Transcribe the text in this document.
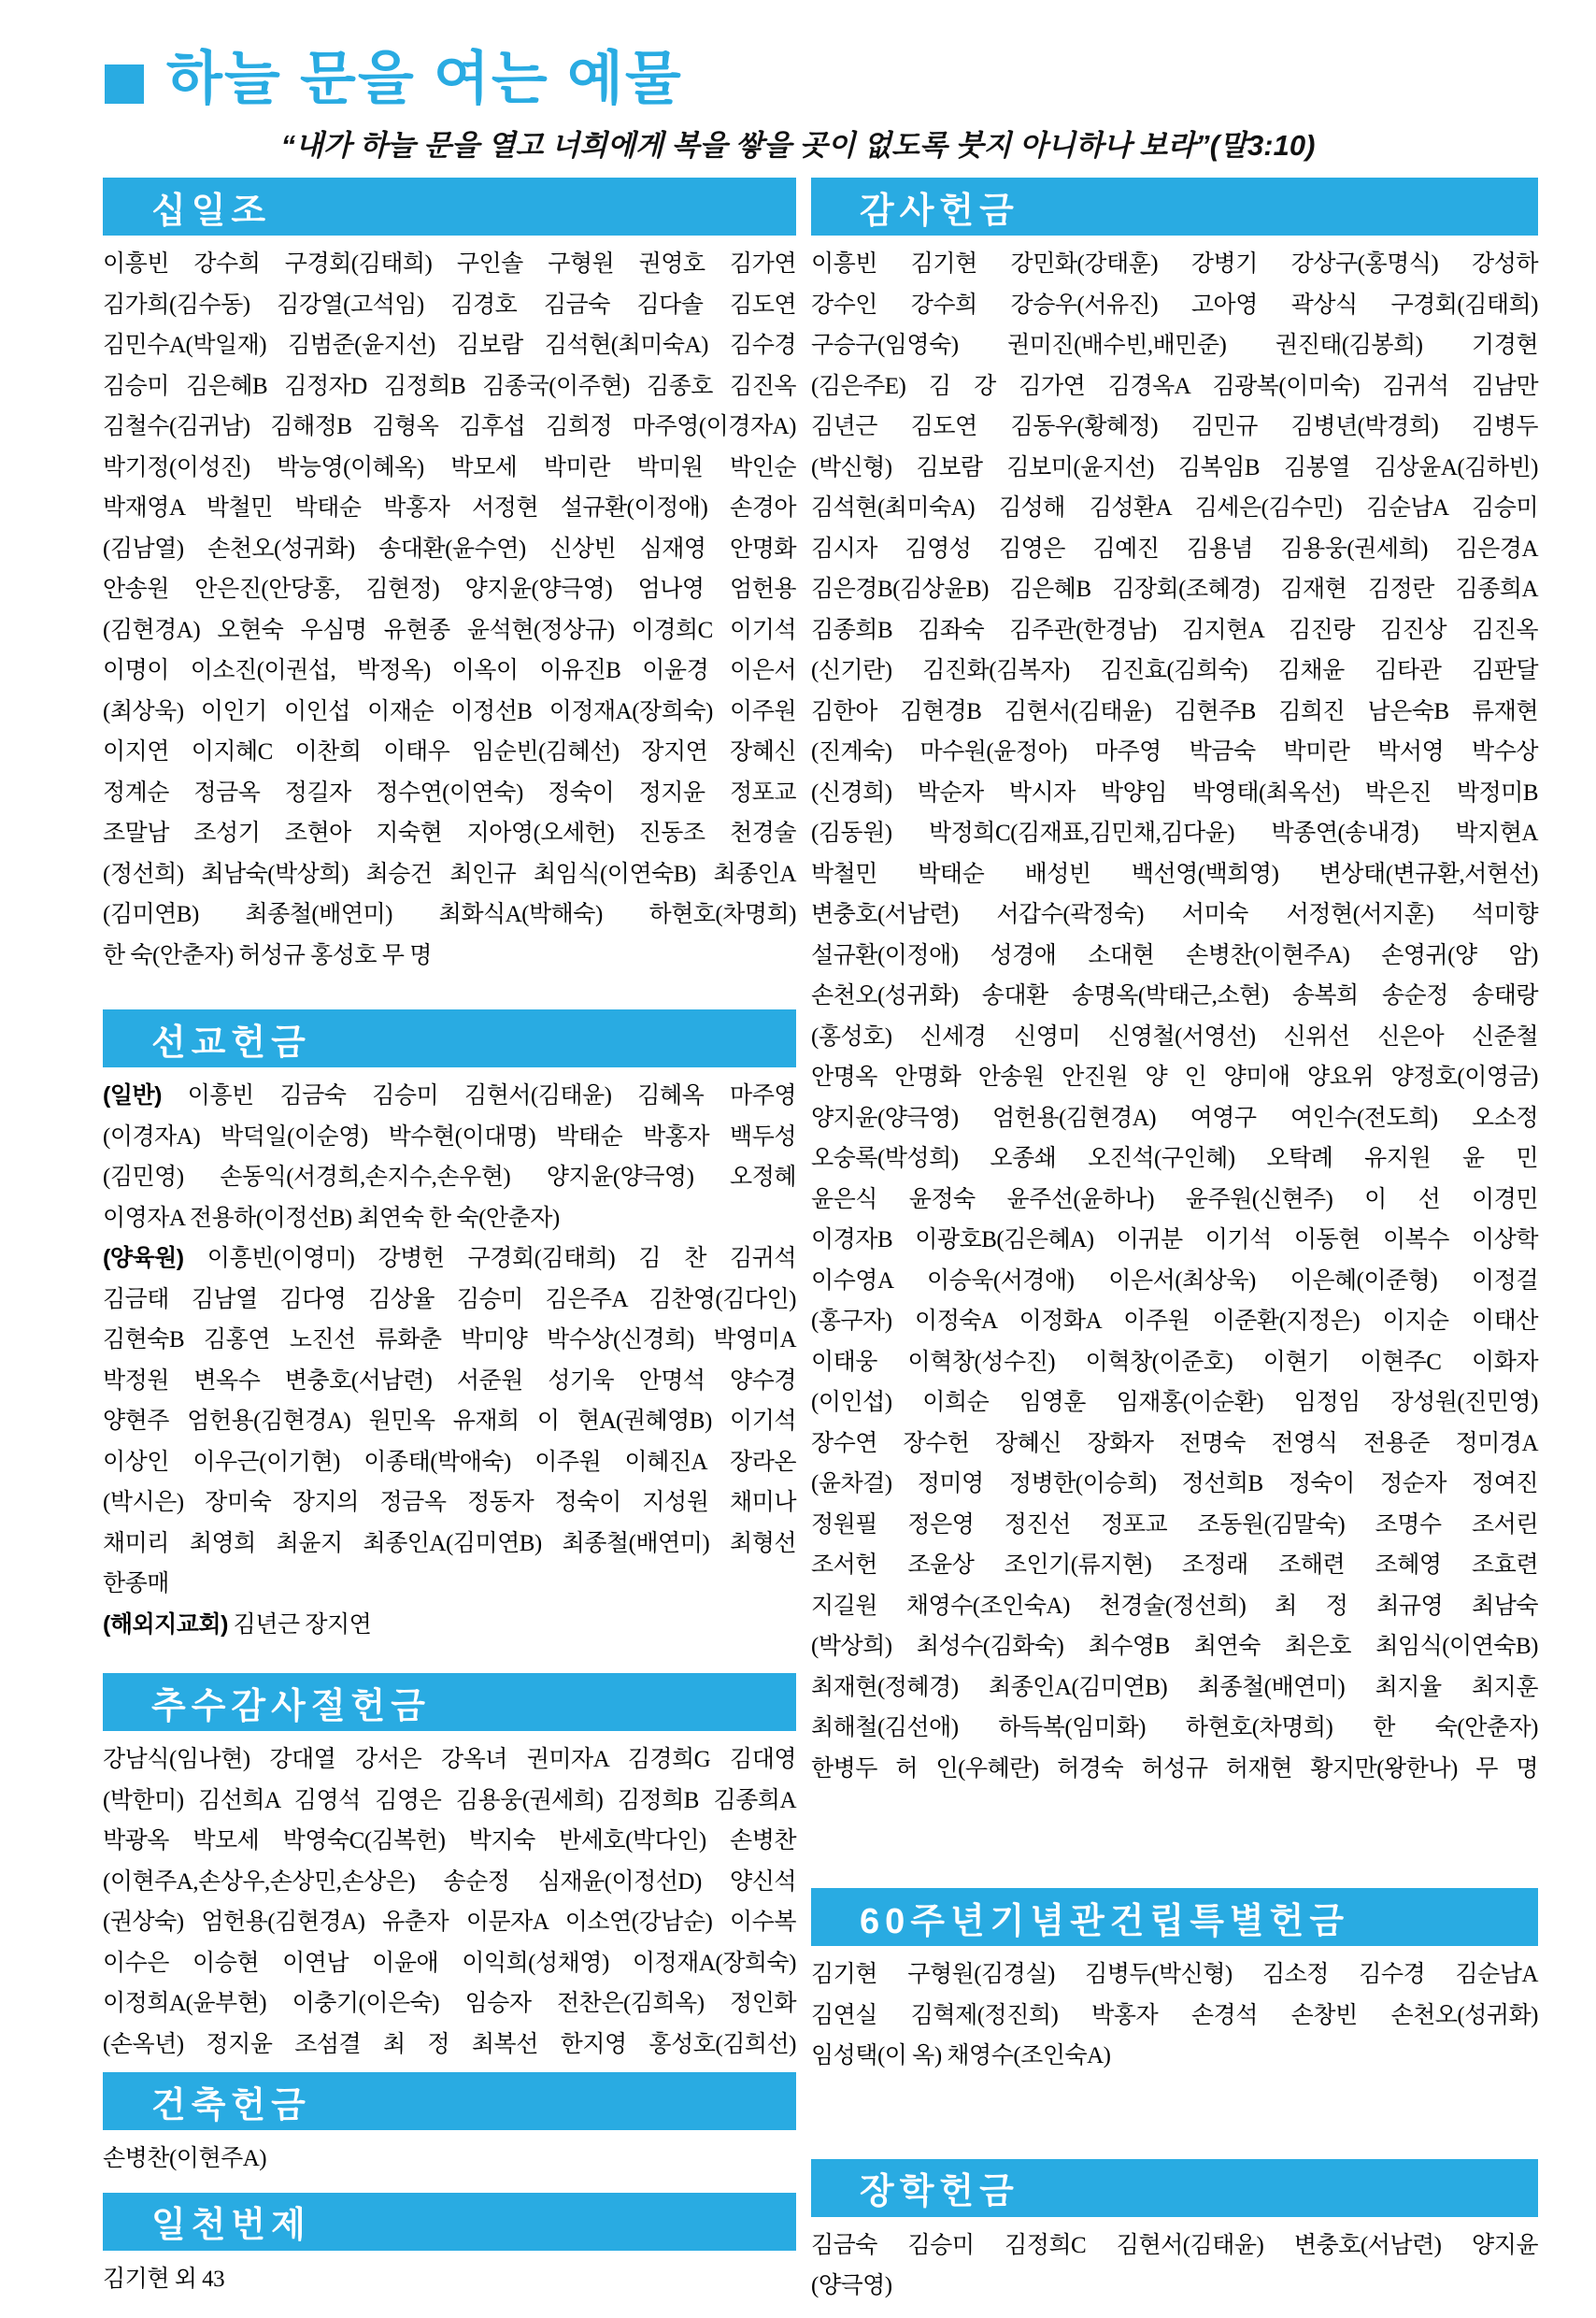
하늘 문을 여는 예물
“내가 하늘 문을 열고 너희에게 복을 쌓을 곳이 없도록 붓지 아니하나 보라”(말3:10)
십일조
이흥빈 강수희 구경회(김태희) 구인솔 구형원 권영호 김가연
김가희(김수동) 김강열(고석임) 김경호 김금숙 김다솔 김도연
김민수A(박일재) 김범준(윤지선) 김보람 김석현(최미숙A) 김수경
김승미 김은혜B 김정자D 김정희B 김종국(이주현) 김종호 김진옥
김철수(김귀남) 김해정B 김형옥 김후섭 김희정 마주영(이경자A)
박기정(이성진) 박능영(이혜옥) 박모세 박미란 박미원 박인순
박재영A 박철민 박태순 박홍자 서정현 설규환(이정애) 손경아
(김남열) 손천오(성귀화) 송대환(윤수연) 신상빈 심재영 안명화
안송원 안은진(안당홍, 김현정) 양지윤(양극영) 엄나영 엄헌용
(김현경A) 오현숙 우심명 유현종 윤석현(정상규) 이경희C 이기석
이명이 이소진(이권섭, 박정옥) 이옥이 이유진B 이윤경 이은서
(최상욱) 이인기 이인섭 이재순 이정선B 이정재A(장희숙) 이주원
이지연 이지혜C 이찬희 이태우 임순빈(김혜선) 장지연 장혜신
정계순 정금옥 정길자 정수연(이연숙) 정숙이 정지윤 정포교
조말남 조성기 조현아 지숙현 지아영(오세헌) 진동조 천경술
(정선희) 최남숙(박상희) 최승건 최인규 최임식(이연숙B) 최종인A
(김미연B) 최종철(배연미) 최화식A(박해숙) 하현호(차명희)
한 숙(안춘자) 허성규 홍성호 무 명
선교헌금
(일반) 이흥빈 김금숙 김승미 김현서(김태윤) 김혜옥 마주영
(이경자A) 박덕일(이순영) 박수현(이대명) 박태순 박홍자 백두성
(김민영) 손동익(서경희,손지수,손우현) 양지윤(양극영) 오정혜
이영자A 전용하(이정선B) 최연숙 한 숙(안춘자)
(양육원) 이흥빈(이영미) 강병헌 구경회(김태희) 김 찬 김귀석
김금태 김남열 김다영 김상율 김승미 김은주A 김찬영(김다인)
김현숙B 김홍연 노진선 류화춘 박미양 박수상(신경희) 박영미A
박정원 변옥수 변충호(서남련) 서준원 성기욱 안명석 양수경
양현주 엄헌용(김현경A) 원민옥 유재희 이 현A(권혜영B) 이기석
이상인 이우근(이기현) 이종태(박애숙) 이주원 이혜진A 장라온
(박시은) 장미숙 장지의 정금옥 정동자 정숙이 지성원 채미나
채미리 최영희 최윤지 최종인A(김미연B) 최종철(배연미) 최형선
한종매
(해외지교회) 김년근 장지연
추수감사절헌금
강남식(임나현) 강대열 강서은 강옥녀 권미자A 김경희G 김대영
(박한미) 김선희A 김영석 김영은 김용웅(권세희) 김정희B 김종희A
박광옥 박모세 박영숙C(김복헌) 박지숙 반세호(박다인) 손병찬
(이현주A,손상우,손상민,손상은) 송순정 심재윤(이정선D) 양신석
(권상숙) 엄헌용(김현경A) 유춘자 이문자A 이소연(강남순) 이수복
이수은 이승현 이연남 이윤애 이익희(성채영) 이정재A(장희숙)
이정희A(윤부현) 이충기(이은숙) 임승자 전찬은(김희옥) 정인화
(손옥년) 정지윤 조섬결 최 정 최복선 한지영 홍성호(김희선)
건축헌금
손병찬(이현주A)
일천번제
김기현 외 43
감사헌금
이흥빈 김기현 강민화(강태훈) 강병기 강상구(홍명식) 강성하
강수인 강수희 강승우(서유진) 고아영 곽상식 구경회(김태희)
구승구(임영숙) 권미진(배수빈,배민준) 권진태(김봉희) 기경현
(김은주E) 김 강 김가연 김경옥A 김광복(이미숙) 김귀석 김남만
김년근 김도연 김동우(황혜정) 김민규 김병년(박경희) 김병두
(박신형) 김보람 김보미(윤지선) 김복임B 김봉열 김상윤A(김하빈)
김석현(최미숙A) 김성해 김성환A 김세은(김수민) 김순남A 김승미
김시자 김영성 김영은 김예진 김용념 김용웅(권세희) 김은경A
김은경B(김상윤B) 김은혜B 김장회(조혜경) 김재현 김정란 김종희A
김종희B 김좌숙 김주관(한경남) 김지현A 김진랑 김진상 김진옥
(신기란) 김진화(김복자) 김진효(김희숙) 김채윤 김타관 김판달
김한아 김현경B 김현서(김태윤) 김현주B 김희진 남은숙B 류재현
(진계숙) 마수원(윤정아) 마주영 박금숙 박미란 박서영 박수상
(신경희) 박순자 박시자 박양임 박영태(최옥선) 박은진 박정미B
(김동원) 박정희C(김재표,김민채,김다윤) 박종연(송내경) 박지현A
박철민 박태순 배성빈 백선영(백희영) 변상태(변규환,서현선)
변충호(서남련) 서갑수(곽정숙) 서미숙 서정현(서지훈) 석미향
설규환(이정애) 성경애 소대현 손병찬(이현주A) 손영귀(양 암)
손천오(성귀화) 송대환 송명옥(박태근,소현) 송복희 송순정 송태랑
(홍성호) 신세경 신영미 신영철(서영선) 신위선 신은아 신준철
안명옥 안명화 안송원 안진원 양 인 양미애 양요위 양정호(이영금)
양지윤(양극영) 엄헌용(김현경A) 여영구 여인수(전도희) 오소정
오숭록(박성희) 오종쇄 오진석(구인혜) 오탁례 유지원 윤 민
윤은식 윤정숙 윤주선(윤하나) 윤주원(신현주) 이 선 이경민
이경자B 이광호B(김은혜A) 이귀분 이기석 이동현 이복수 이상학
이수영A 이승욱(서경애) 이은서(최상욱) 이은혜(이준형) 이정걸
(홍구자) 이정숙A 이정화A 이주원 이준환(지정은) 이지순 이태산
이태웅 이혁창(성수진) 이혁창(이준호) 이현기 이현주C 이화자
(이인섭) 이희순 임영훈 임재홍(이순환) 임정임 장성원(진민영)
장수연 장수헌 장혜신 장화자 전명숙 전영식 전용준 정미경A
(윤차걸) 정미영 정병한(이승희) 정선희B 정숙이 정순자 정여진
정원필 정은영 정진선 정포교 조동원(김말숙) 조명수 조서린
조서헌 조윤상 조인기(류지현) 조정래 조해련 조혜영 조효련
지길원 채영수(조인숙A) 천경술(정선희) 최 정 최규영 최남숙
(박상희) 최성수(김화숙) 최수영B 최연숙 최은호 최임식(이연숙B)
최재현(정혜경) 최종인A(김미연B) 최종철(배연미) 최지율 최지훈
최해철(김선애) 하득복(임미화) 하현호(차명희) 한 숙(안춘자)
한병두 허 인(우혜란) 허경숙 허성규 허재현 황지만(왕한나) 무 명
60주년기념관건립특별헌금
김기현 구형원(김경실) 김병두(박신형) 김소정 김수경 김순남A
김연실 김혁제(정진희) 박홍자 손경석 손창빈 손천오(성귀화)
임성택(이 옥) 채영수(조인숙A)
장학헌금
김금숙 김승미 김정희C 김현서(김태윤) 변충호(서남련) 양지윤
(양극영)
